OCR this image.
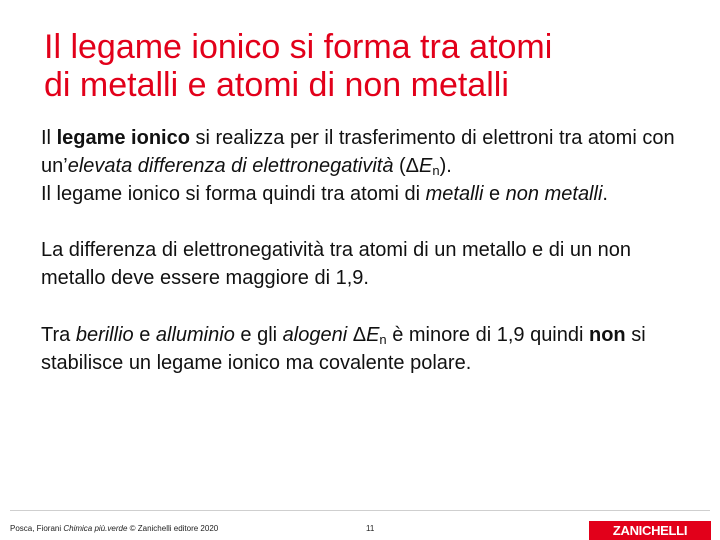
Il legame ionico si forma tra atomi
di metalli e atomi di non metalli

Il legame ionico si realizza per il trasferimento di elettroni tra atomi con un’elevata differenza di elettronegatività $(\Delta E_n)$.
Il legame ionico si forma quindi tra atomi di metalli e non metalli.

La differenza di elettronegatività tra atomi di un metallo e di un non metallo deve essere maggiore di 1,9.

Tra berillio e alluminio e gli alogeni $\Delta E_n$ è minore di 1,9 quindi non si stabilisce un legame ionico ma covalente polare.

Posca, Fiorani Chimica più.verde © Zanichelli editore 2020	11	ZANICHELLI
